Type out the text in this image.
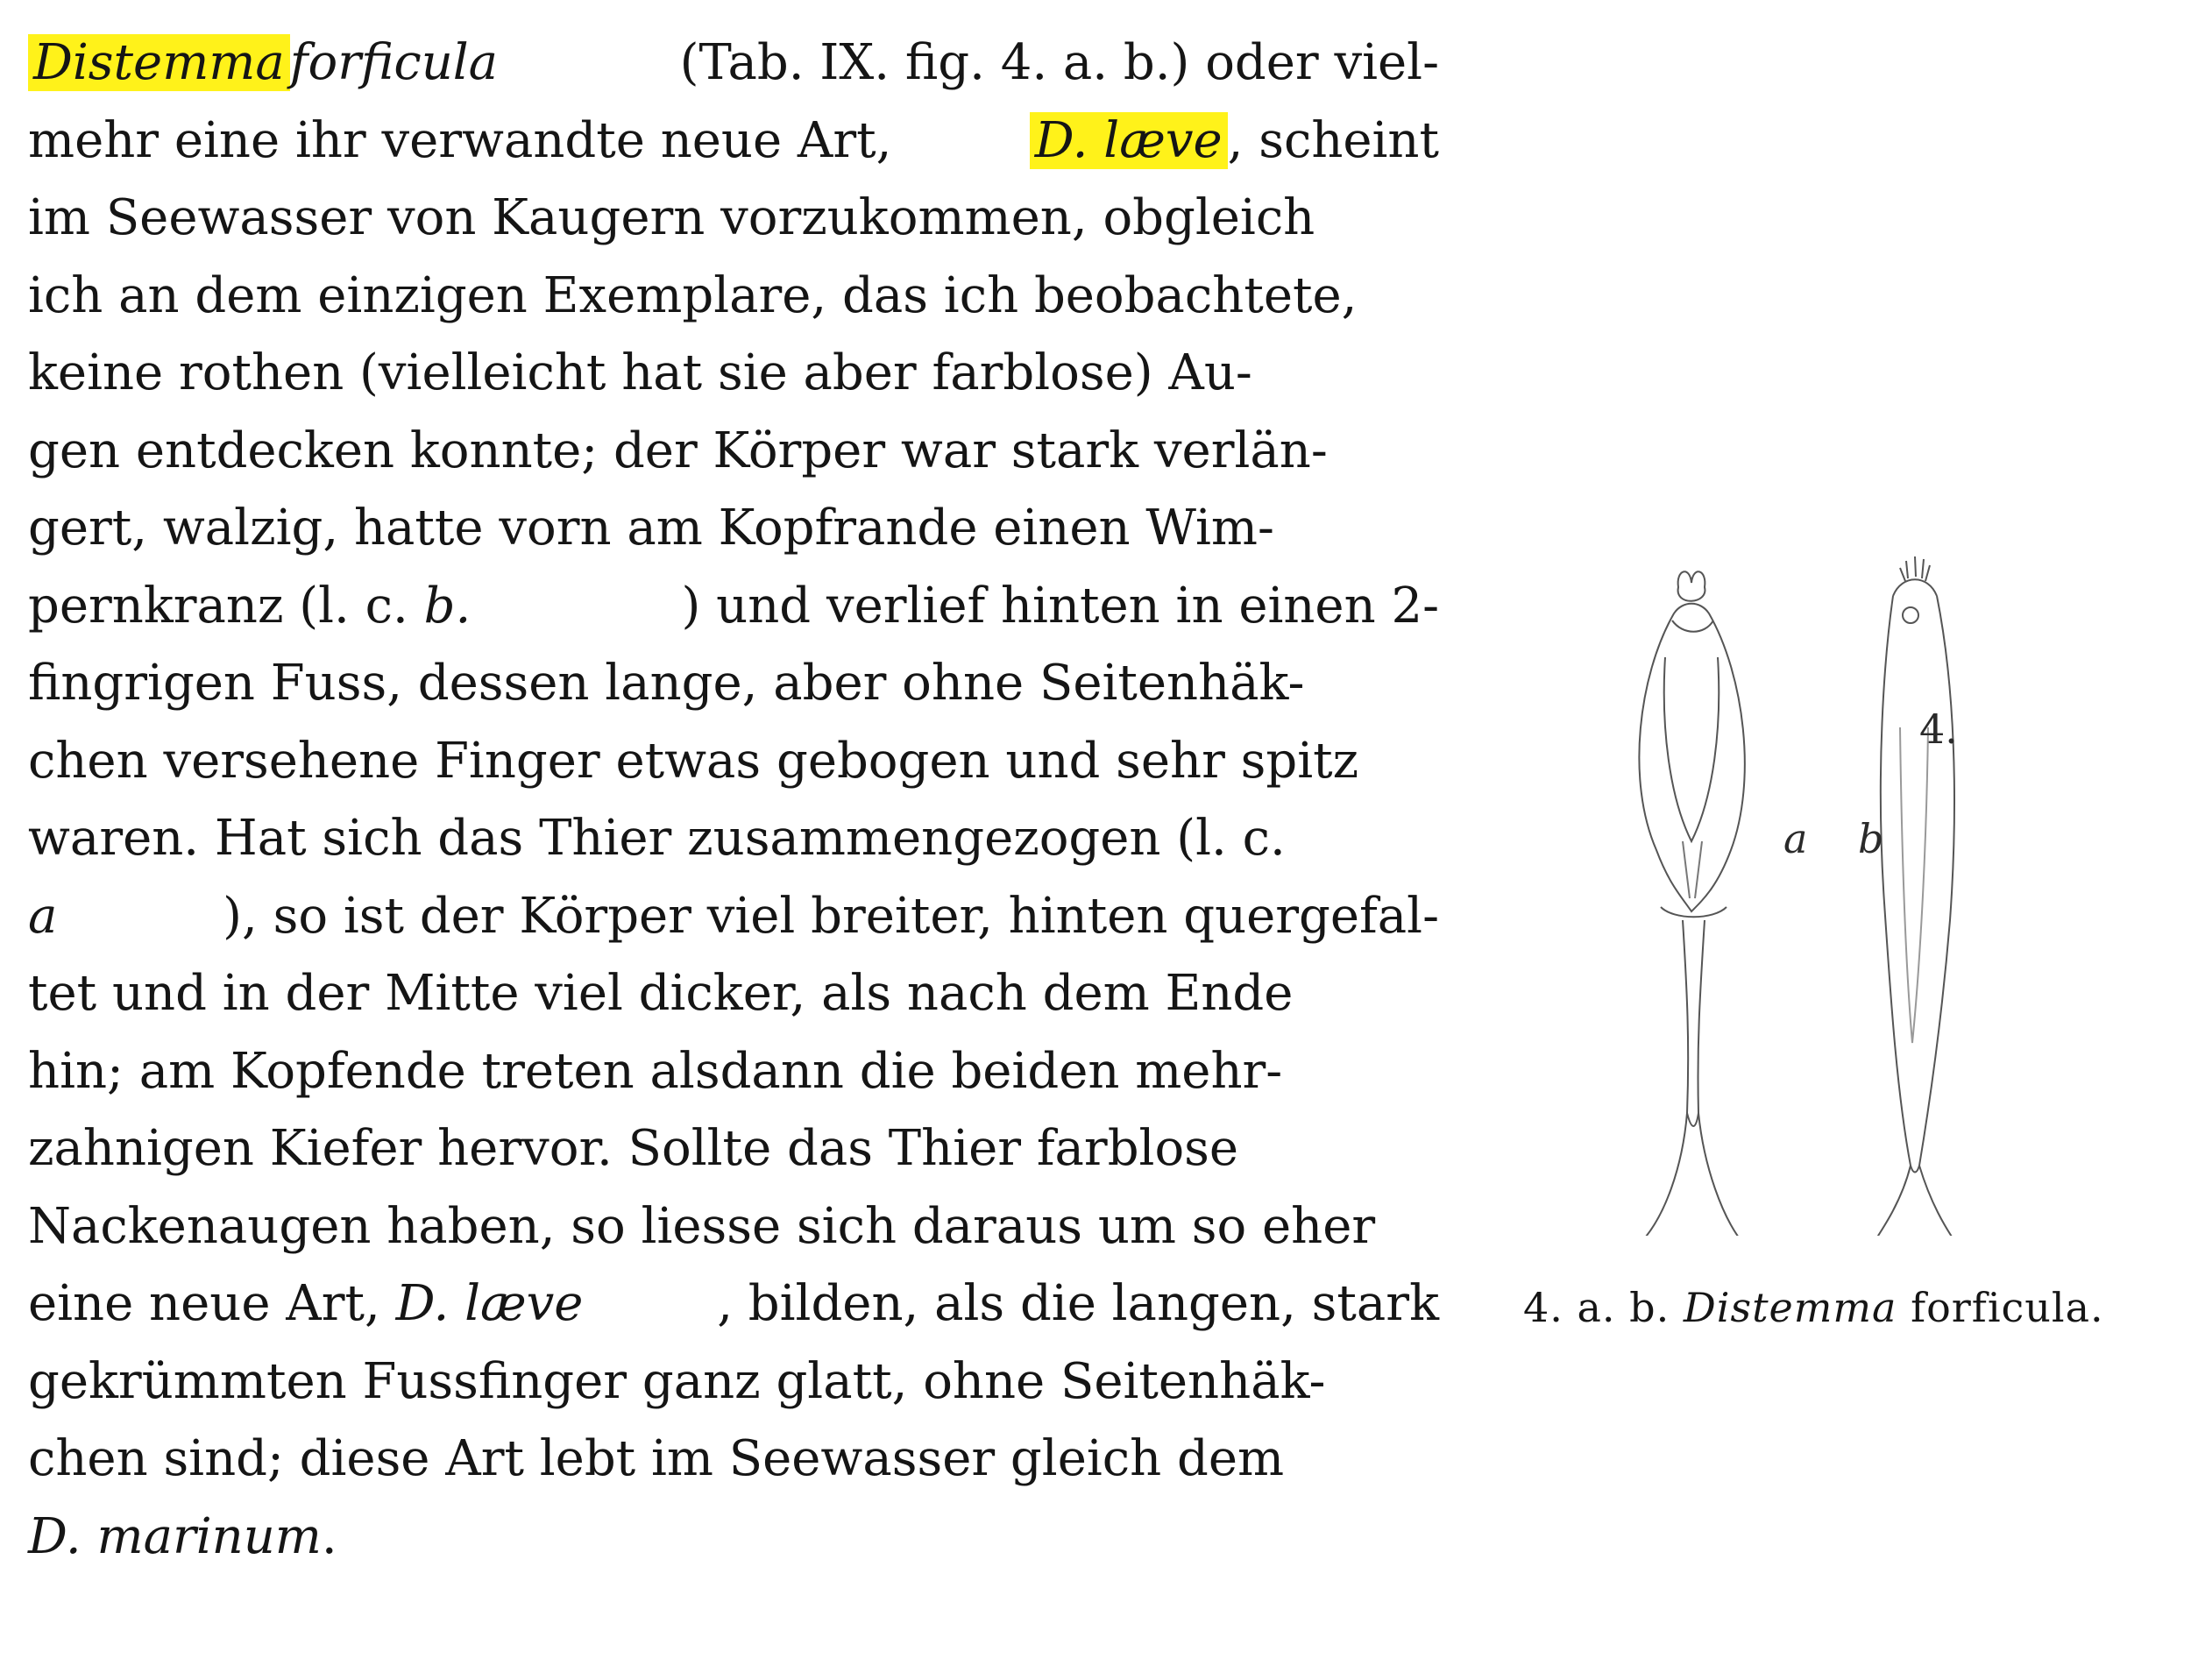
Distemma forficula	(Tab. IX. fig. 4. a. b.) oder viel-
mehr eine ihr verwandte neue Art,	D. læve , scheint
im Seewasser von Kaugern vorzukommen, obgleich
ich an dem einzigen Exemplare, das ich beobachtete,
keine rothen (vielleicht hat sie aber farblose) Au-
gen entdecken konnte; der Körper war stark verlän-
gert, walzig, hatte vorn am Kopfrande einen Wim-
pernkranz (l. c. b.	) und verlief hinten in einen 2-
fingrigen Fuss, dessen lange, aber ohne Seitenhäk-
chen versehene Finger etwas gebogen und sehr spitz
waren. Hat sich das Thier zusammengezogen (l. c.
a	), so ist der Körper viel breiter, hinten quergefal-
tet und in der Mitte viel dicker, als nach dem Ende
hin; am Kopfende treten alsdann die beiden mehr-
zahnigen Kiefer hervor. Sollte das Thier farblose
Nackenaugen haben, so liesse sich daraus um so eher
eine neue Art, D. læve	, bilden, als die langen, stark
gekrümmten Fussfinger ganz glatt, ohne Seitenhäk-
chen sind; diese Art lebt im Seewasser gleich dem
D. marinum .
4.
a b
4. a. b. Distemma forficula.
